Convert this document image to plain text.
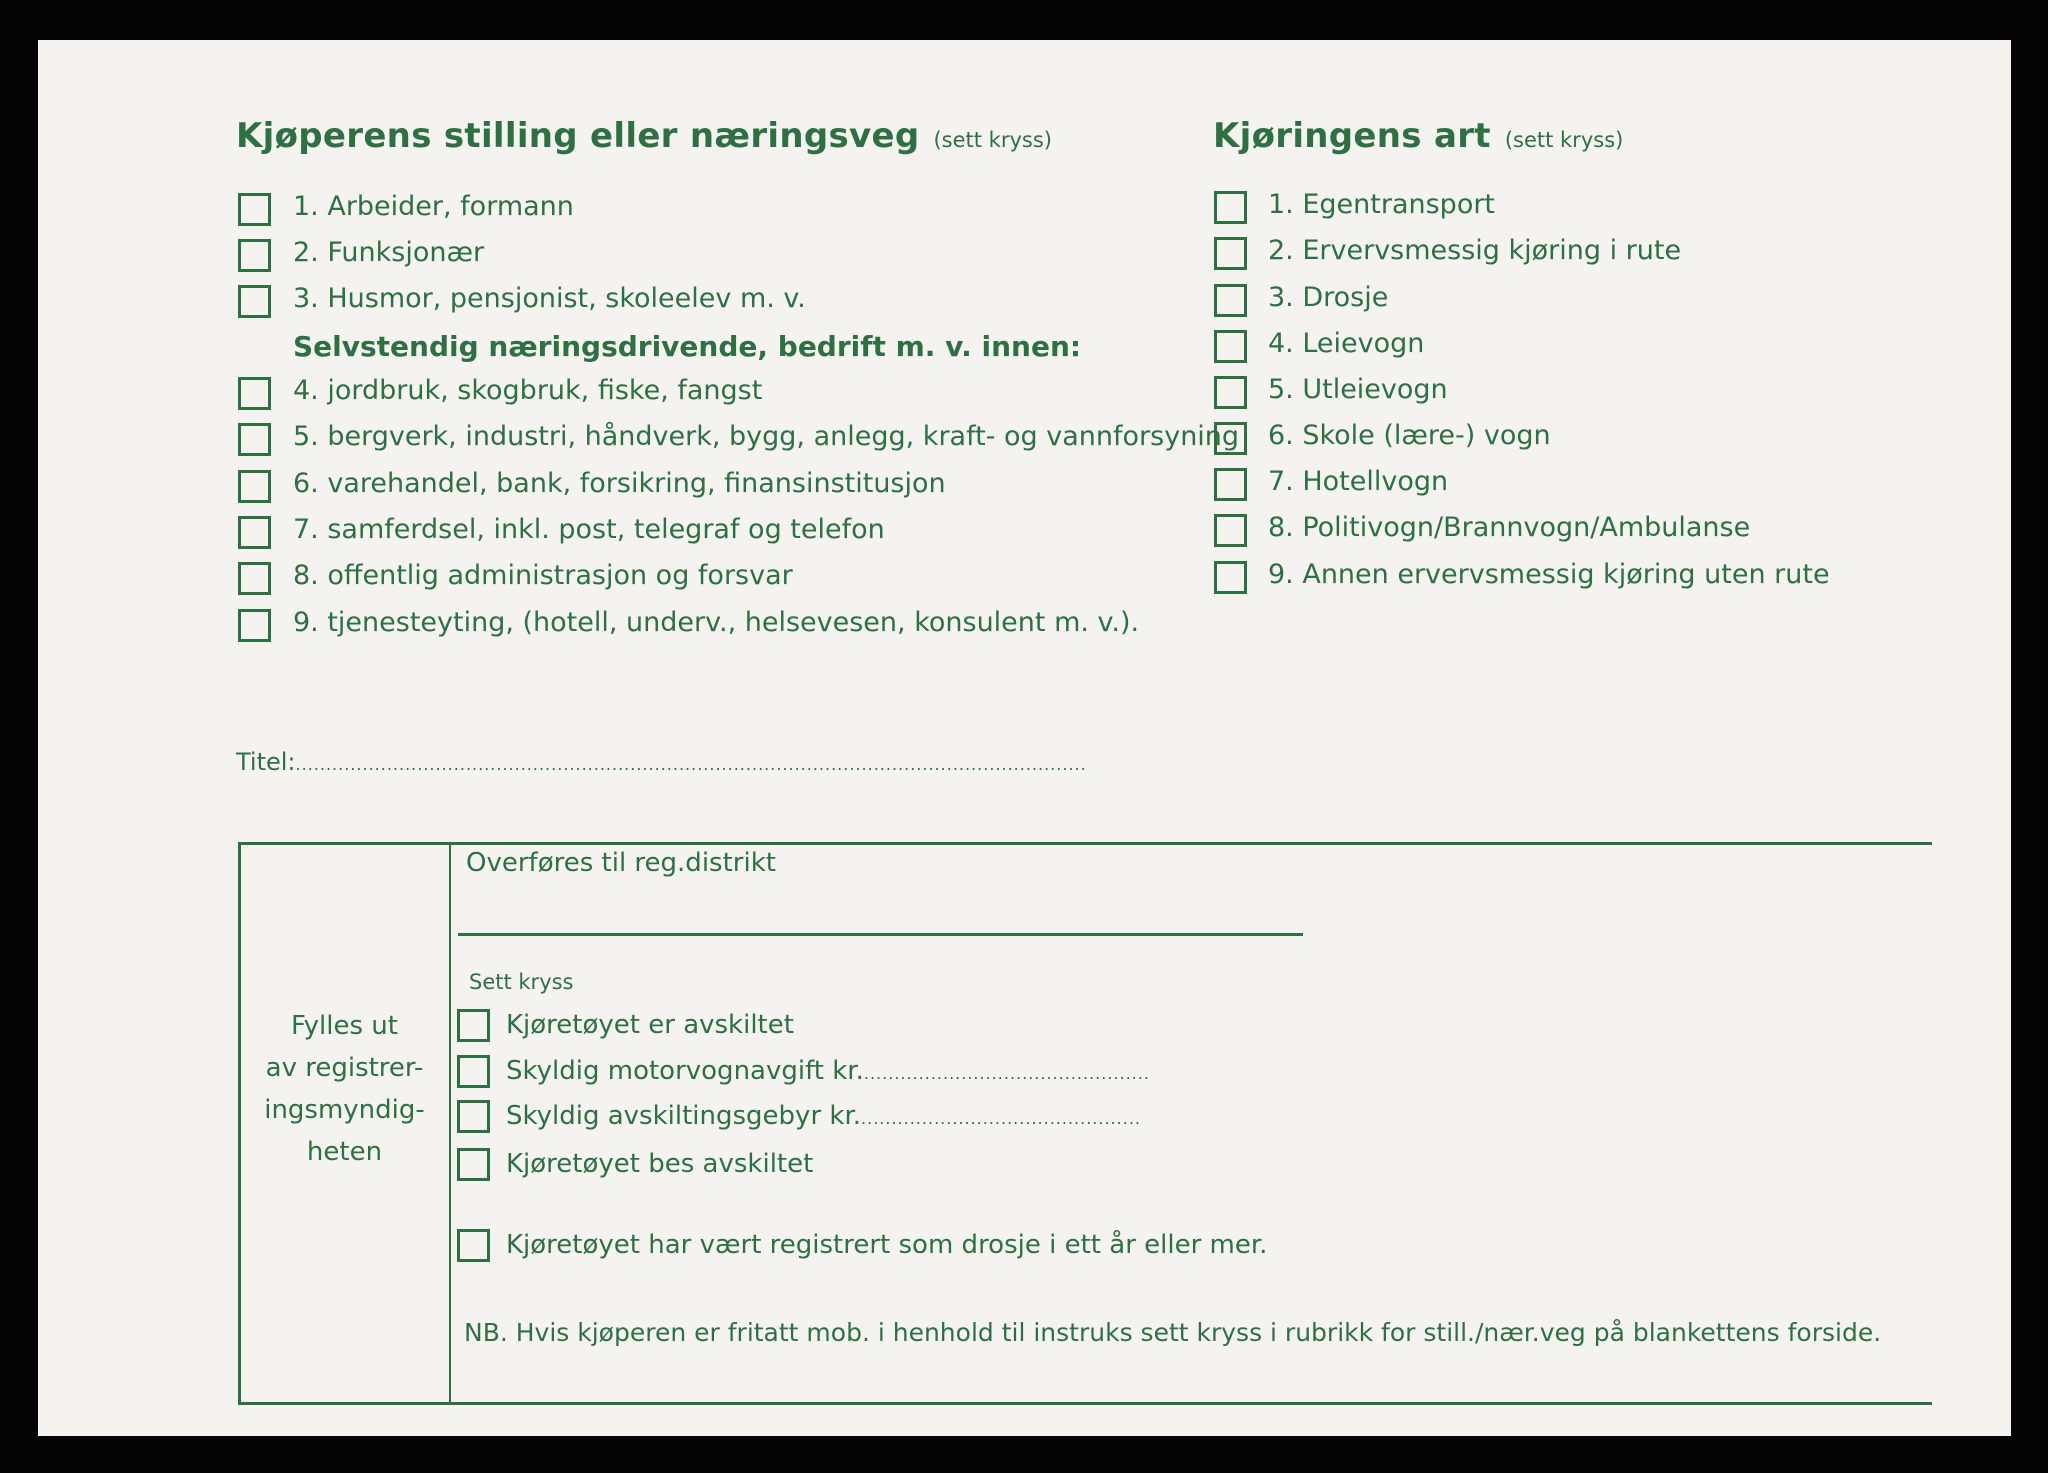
Kjøperens stilling eller næringsveg (sett kryss)
1. Arbeider, formann
2. Funksjonær
3. Husmor, pensjonist, skoleelev m. v.
Selvstendig næringsdrivende, bedrift m. v. innen:
4. jordbruk, skogbruk, fiske, fangst
5. bergverk, industri, håndverk, bygg, anlegg, kraft- og vannforsyning
6. varehandel, bank, forsikring, finansinstitusjon
7. samferdsel, inkl. post, telegraf og telefon
8. offentlig administrasjon og forsvar
9. tjenesteyting, (hotell, underv., helsevesen, konsulent m. v.).
Kjøringens art (sett kryss)
1. Egentransport
2. Ervervsmessig kjøring i rute
3. Drosje
4. Leievogn
5. Utleievogn
6. Skole (lære-) vogn
7. Hotellvogn
8. Politivogn/Brannvogn/Ambulanse
9. Annen ervervsmessig kjøring uten rute
Titel:..................................................................................................................................
Fylles ut
av registrer-
ingsmyndig-
heten
Overføres til reg.distrikt
Sett kryss
Kjøretøyet er avskiltet
Skyldig motorvognavgift kr................................................
Skyldig avskiltingsgebyr kr...............................................
Kjøretøyet bes avskiltet
Kjøretøyet har vært registrert som drosje i ett år eller mer.
NB. Hvis kjøperen er fritatt mob. i henhold til instruks sett kryss i rubrikk for still./nær.veg på blankettens forside.
